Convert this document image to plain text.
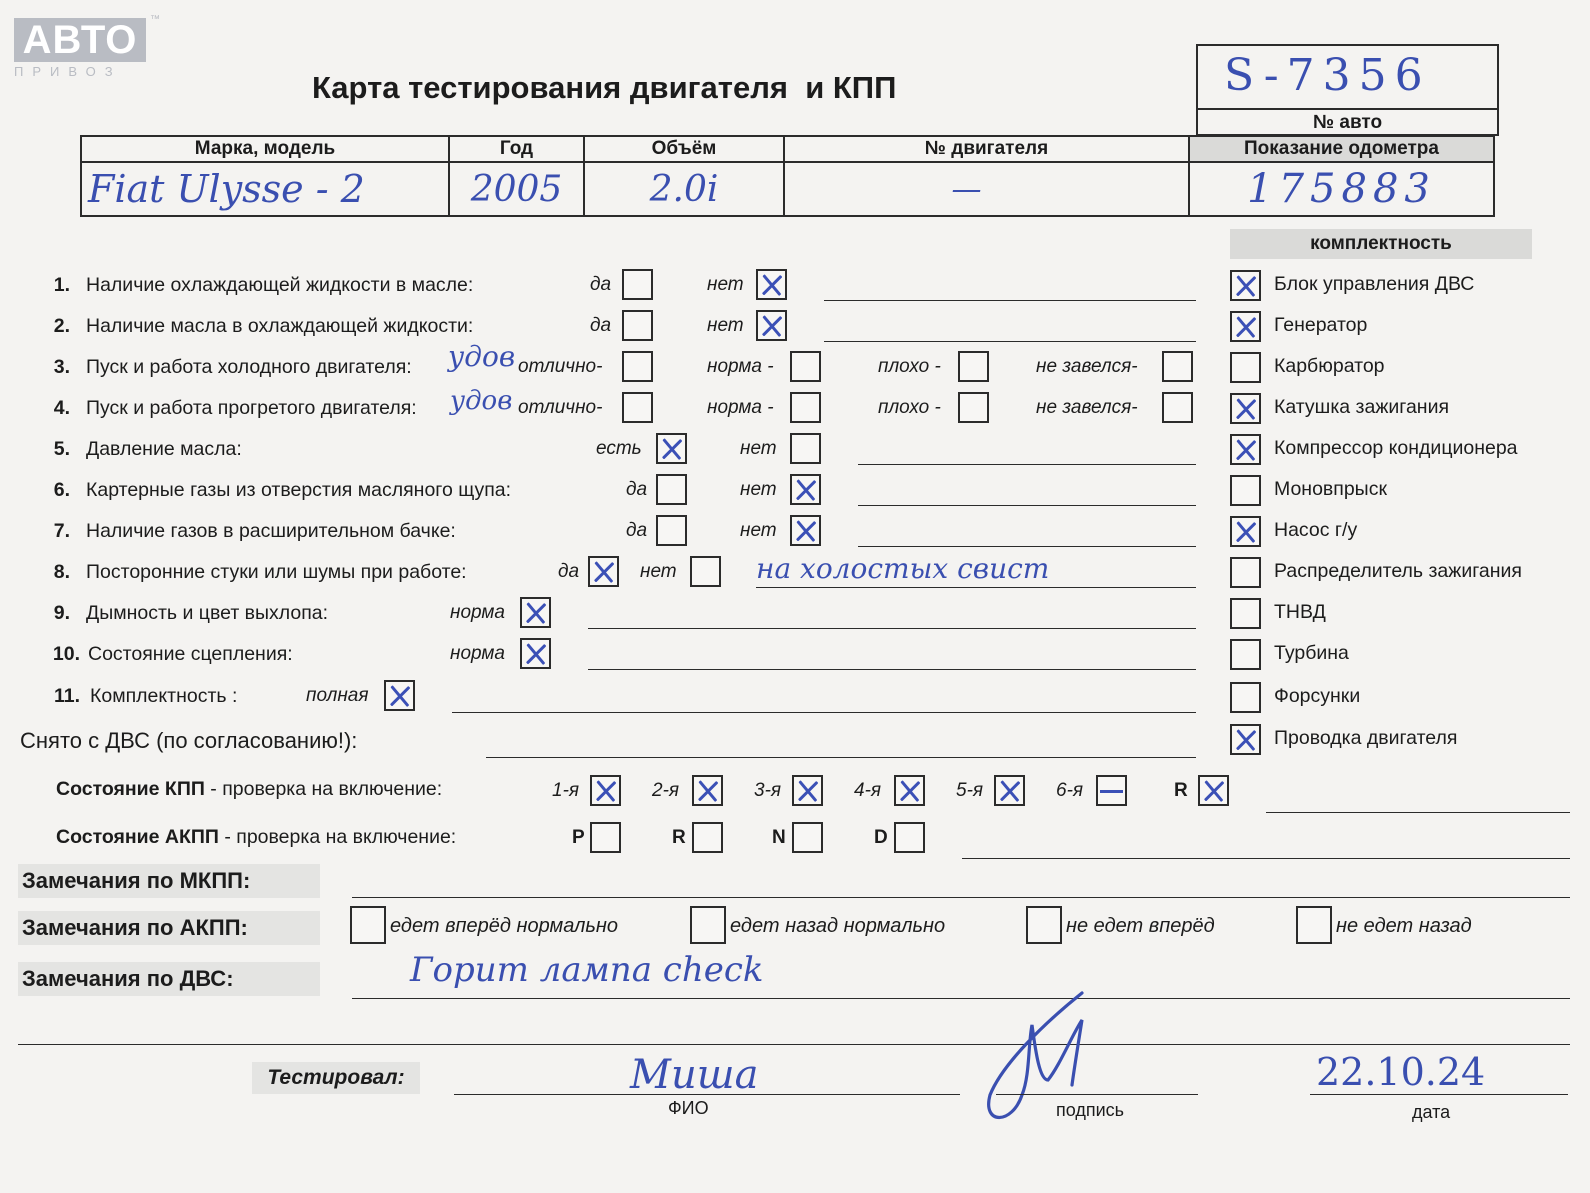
АВТО
ПРИВОЗ
™
Карта тестирования двигателя  и КПП	S-7356
№ авто
Марка, модель	Год	Объём	№ двигателя	Показание одометра
Fiat Ulysse - 2	2005	2.0i	—	175883
комплектность
Блок управления ДВС
Генератор
Карбюратор
Катушка зажигания
Компрессор кондиционера
Моновпрыск
Насос г/у
Распределитель зажигания
ТНВД
Турбина
Форсунки
Проводка двигателя
1. Наличие охлаждающей жидкости в масле:	да	нет
2. Наличие масла в охлаждающей жидкости:	да	нет
3. Пуск и работа холодного двигателя: удов отлично-	норма -	плохо -	не завелся-
4. Пуск и работа прогретого двигателя: удов отлично-	норма -	плохо -	не завелся-
5. Давление масла:	есть	нет
6. Картерные газы из отверстия масляного щупа:	да	нет
7. Наличие газов в расширительном бачке:	да	нет
8. Посторонние стуки или шумы при работе:	да	нет	на холостых свист
9. Дымность и цвет выхлопа:	норма
10. Состояние сцепления:	норма
11. Комплектность :	полная
Снято с ДВС (по согласованию!):
Состояние КПП - проверка на включение:	1-я	2-я	3-я	4-я	5-я	6-я	R
Состояние АКПП - проверка на включение:	P	R	N	D
Замечания по МКПП:
Замечания по АКПП:	едет вперёд нормально	едет назад нормально	не едет вперёд	не едет назад
Замечания по ДВС:	Горит лампа check
Тестировал:	Миша
ФИО	подпись
22.10.24
дата
